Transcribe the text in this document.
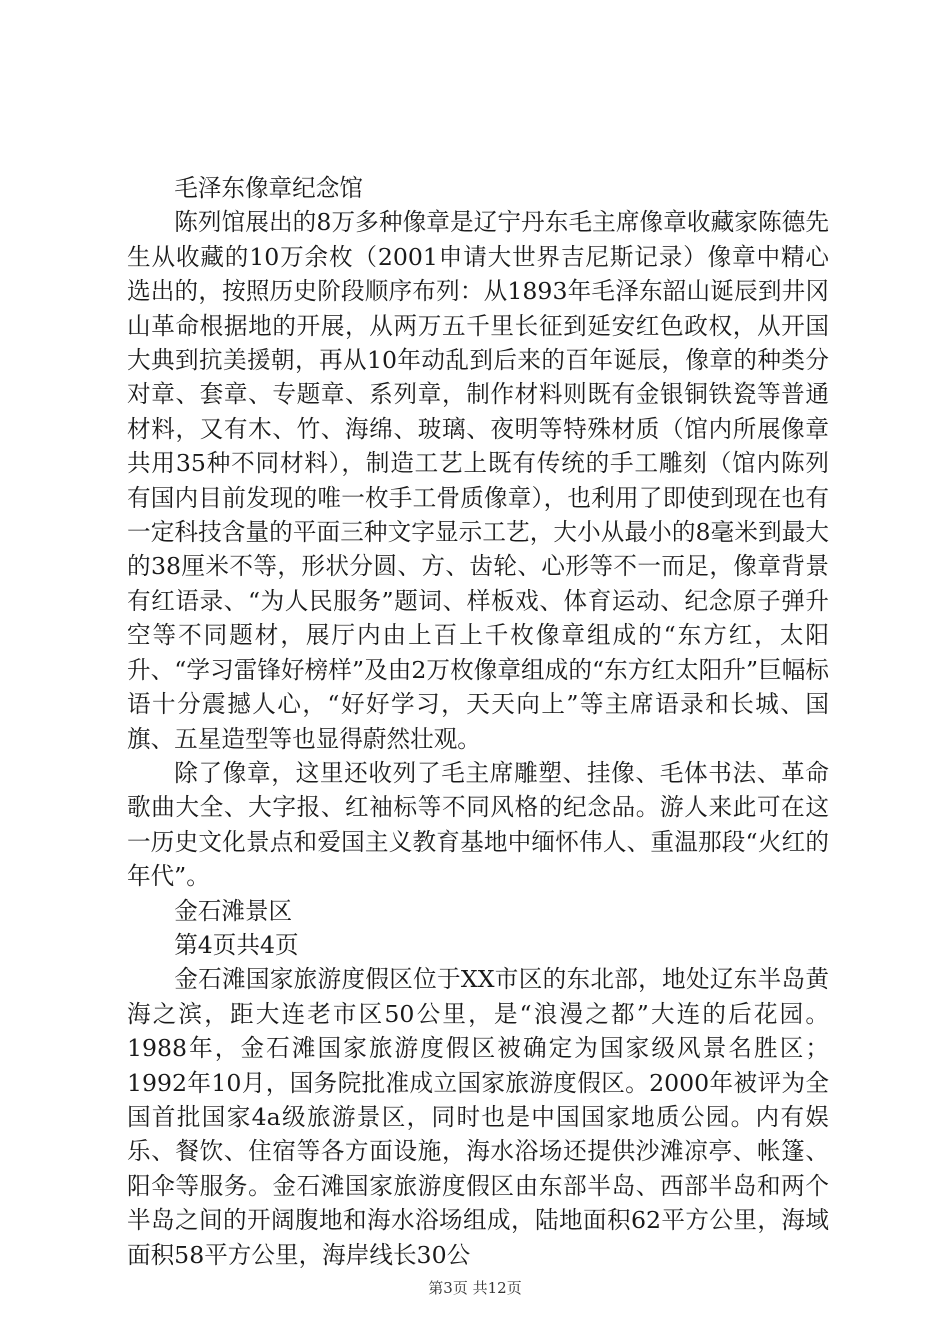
毛泽东像章纪念馆

陈列馆展出的8万多种像章是辽宁丹东毛主席像章收藏家陈德先生从收藏的10万余枚（2001申请大世界吉尼斯记录）像章中精心选出的，按照历史阶段顺序布列：从1893年毛泽东韶山诞辰到井冈山革命根据地的开展，从两万五千里长征到延安红色政权，从开国大典到抗美援朝，再从10年动乱到后来的百年诞辰，像章的种类分对章、套章、专题章、系列章，制作材料则既有金银铜铁瓷等普通材料，又有木、竹、海绵、玻璃、夜明等特殊材质（馆内所展像章共用35种不同材料），制造工艺上既有传统的手工雕刻（馆内陈列有国内目前发现的唯一枚手工骨质像章），也利用了即使到现在也有一定科技含量的平面三种文字显示工艺，大小从最小的8毫米到最大的38厘米不等，形状分圆、方、齿轮、心形等不一而足，像章背景有红语录、“为人民服务”题词、样板戏、体育运动、纪念原子弹升空等不同题材，展厅内由上百上千枚像章组成的“东方红，太阳升、“学习雷锋好榜样”及由2万枚像章组成的“东方红太阳升”巨幅标语十分震撼人心，“好好学习，天天向上”等主席语录和长城、国旗、五星造型等也显得蔚然壮观。

除了像章，这里还收列了毛主席雕塑、挂像、毛体书法、革命歌曲大全、大字报、红袖标等不同风格的纪念品。游人来此可在这一历史文化景点和爱国主义教育基地中缅怀伟人、重温那段“火红的年代”。

金石滩景区

第4页共4页

金石滩国家旅游度假区位于XX市区的东北部，地处辽东半岛黄海之滨，距大连老市区50公里，是“浪漫之都”大连的后花园。1988年，金石滩国家旅游度假区被确定为国家级风景名胜区；1992年10月，国务院批准成立国家旅游度假区。2000年被评为全国首批国家4a级旅游景区，同时也是中国国家地质公园。内有娱乐、餐饮、住宿等各方面设施，海水浴场还提供沙滩凉亭、帐篷、阳伞等服务。金石滩国家旅游度假区由东部半岛、西部半岛和两个半岛之间的开阔腹地和海水浴场组成，陆地面积62平方公里，海域面积58平方公里，海岸线长30公

第3页 共12页
